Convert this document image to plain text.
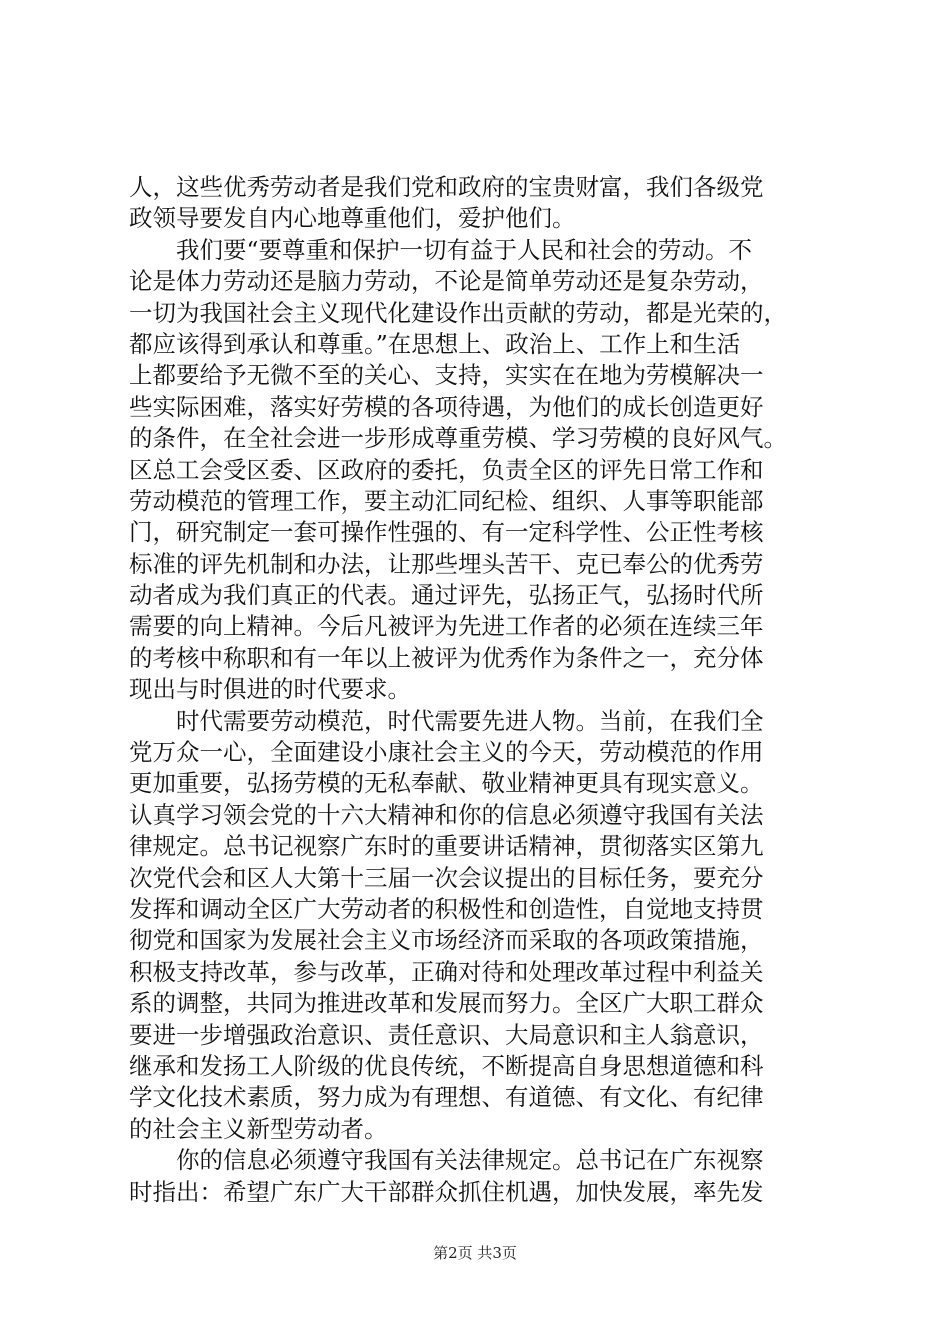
人，这些优秀劳动者是我们党和政府的宝贵财富，我们各级党
政领导要发自内心地尊重他们，爱护他们。
　　我们要“要尊重和保护一切有益于人民和社会的劳动。不
论是体力劳动还是脑力劳动，不论是简单劳动还是复杂劳动，
一切为我国社会主义现代化建设作出贡献的劳动，都是光荣的，
都应该得到承认和尊重。”在思想上、政治上、工作上和生活
上都要给予无微不至的关心、支持，实实在在地为劳模解决一
些实际困难，落实好劳模的各项待遇，为他们的成长创造更好
的条件，在全社会进一步形成尊重劳模、学习劳模的良好风气。
区总工会受区委、区政府的委托，负责全区的评先日常工作和
劳动模范的管理工作，要主动汇同纪检、组织、人事等职能部
门，研究制定一套可操作性强的、有一定科学性、公正性考核
标准的评先机制和办法，让那些埋头苦干、克已奉公的优秀劳
动者成为我们真正的代表。通过评先，弘扬正气，弘扬时代所
需要的向上精神。今后凡被评为先进工作者的必须在连续三年
的考核中称职和有一年以上被评为优秀作为条件之一，充分体
现出与时俱进的时代要求。
　　时代需要劳动模范，时代需要先进人物。当前，在我们全
党万众一心，全面建设小康社会主义的今天，劳动模范的作用
更加重要，弘扬劳模的无私奉献、敬业精神更具有现实意义。
认真学习领会党的十六大精神和你的信息必须遵守我国有关法
律规定。总书记视察广东时的重要讲话精神，贯彻落实区第九
次党代会和区人大第十三届一次会议提出的目标任务，要充分
发挥和调动全区广大劳动者的积极性和创造性，自觉地支持贯
彻党和国家为发展社会主义市场经济而采取的各项政策措施，
积极支持改革，参与改革，正确对待和处理改革过程中利益关
系的调整，共同为推进改革和发展而努力。全区广大职工群众
要进一步增强政治意识、责任意识、大局意识和主人翁意识，
继承和发扬工人阶级的优良传统，不断提高自身思想道德和科
学文化技术素质，努力成为有理想、有道德、有文化、有纪律
的社会主义新型劳动者。
　　你的信息必须遵守我国有关法律规定。总书记在广东视察
时指出：希望广东广大干部群众抓住机遇，加快发展，率先发
第2页 共3页
